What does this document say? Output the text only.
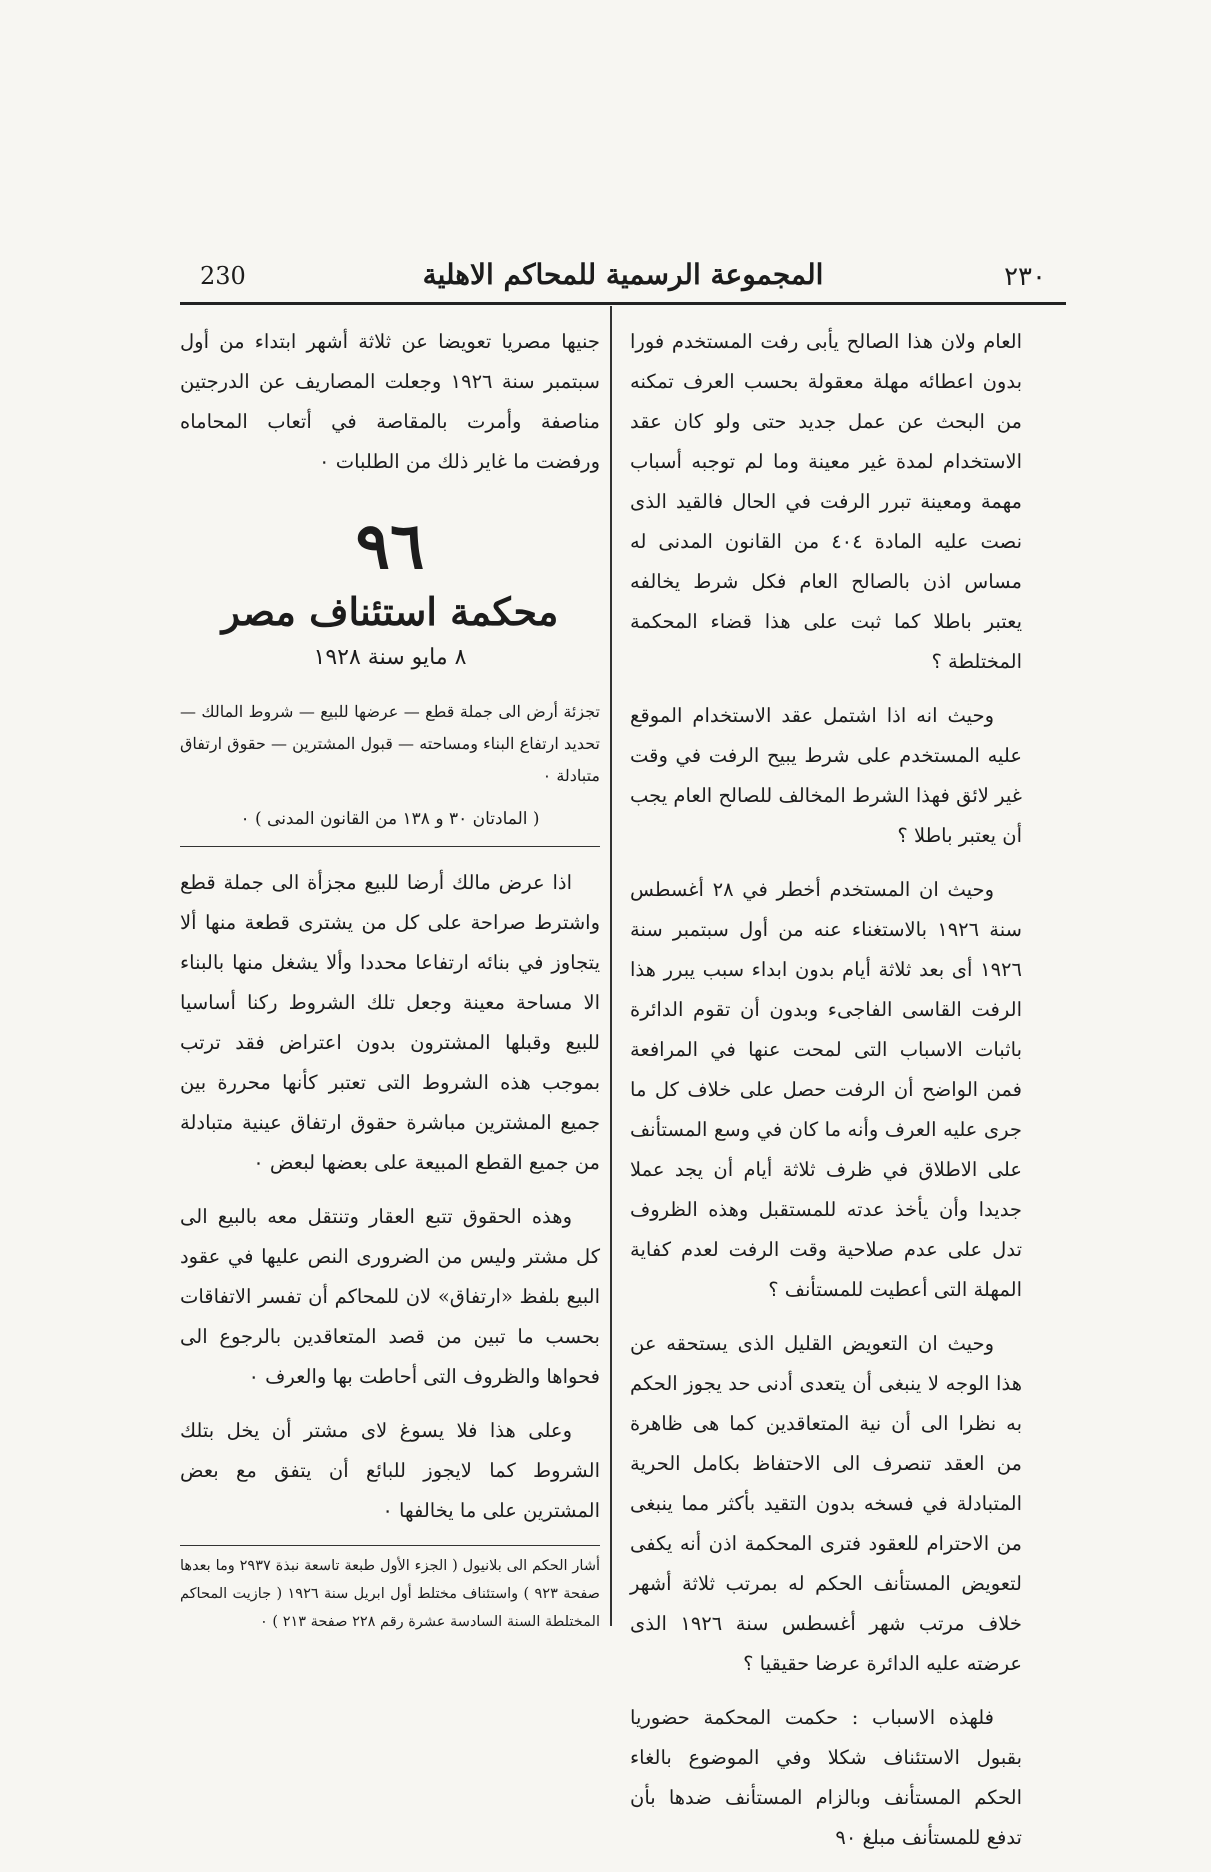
230	المجموعة الرسمية للمحاكم الاهلية	٢٣٠

العام ولان هذا الصالح يأبى رفت المستخدم فورا بدون اعطائه مهلة معقولة بحسب العرف تمكنه من البحث عن عمل جديد حتى ولو كان عقد الاستخدام لمدة غير معينة وما لم توجبه أسباب مهمة ومعينة تبرر الرفت في الحال فالقيد الذى نصت عليه المادة ٤٠٤ من القانون المدنى له مساس اذن بالصالح العام فكل شرط يخالفه يعتبر باطلا كما ثبت على هذا قضاء المحكمة المختلطة ؟

وحيث انه اذا اشتمل عقد الاستخدام الموقع عليه المستخدم على شرط يبيح الرفت في وقت غير لائق فهذا الشرط المخالف للصالح العام يجب أن يعتبر باطلا ؟

وحيث ان المستخدم أخطر في ٢٨ أغسطس سنة ١٩٢٦ بالاستغناء عنه من أول سبتمبر سنة ١٩٢٦ أى بعد ثلاثة أيام بدون ابداء سبب يبرر هذا الرفت القاسى الفاجىء وبدون أن تقوم الدائرة باثبات الاسباب التى لمحت عنها في المرافعة فمن الواضح أن الرفت حصل على خلاف كل ما جرى عليه العرف وأنه ما كان في وسع المستأنف على الاطلاق في ظرف ثلاثة أيام أن يجد عملا جديدا وأن يأخذ عدته للمستقبل وهذه الظروف تدل على عدم صلاحية وقت الرفت لعدم كفاية المهلة التى أعطيت للمستأنف ؟

وحيث ان التعويض القليل الذى يستحقه عن هذا الوجه لا ينبغى أن يتعدى أدنى حد يجوز الحكم به نظرا الى أن نية المتعاقدين كما هى ظاهرة من العقد تنصرف الى الاحتفاظ بكامل الحرية المتبادلة في فسخه بدون التقيد بأكثر مما ينبغى من الاحترام للعقود فترى المحكمة اذن أنه يكفى لتعويض المستأنف الحكم له بمرتب ثلاثة أشهر خلاف مرتب شهر أغسطس سنة ١٩٢٦ الذى عرضته عليه الدائرة عرضا حقيقيا ؟

فلهذه الاسباب : حكمت المحكمة حضوريا بقبول الاستئناف شكلا وفي الموضوع بالغاء الحكم المستأنف وبالزام المستأنف ضدها بأن تدفع للمستأنف مبلغ ٩٠

جنيها مصريا تعويضا عن ثلاثة أشهر ابتداء من أول سبتمبر سنة ١٩٢٦ وجعلت المصاريف عن الدرجتين مناصفة وأمرت بالمقاصة في أتعاب المحاماه ورفضت ما غاير ذلك من الطلبات ٠

٩٦
محكمة استئناف مصر
٨ مايو سنة ١٩٢٨
تجزئة أرض الى جملة قطع — عرضها للبيع — شروط المالك — تحديد ارتفاع البناء ومساحته — قبول المشترين — حقوق ارتفاق متبادلة ٠
( المادتان ٣٠ و ١٣٨ من القانون المدنى ) ٠

اذا عرض مالك أرضا للبيع مجزأة الى جملة قطع واشترط صراحة على كل من يشترى قطعة منها ألا يتجاوز في بنائه ارتفاعا محددا وألا يشغل منها بالبناء الا مساحة معينة وجعل تلك الشروط ركنا أساسيا للبيع وقبلها المشترون بدون اعتراض فقد ترتب بموجب هذه الشروط التى تعتبر كأنها محررة بين جميع المشترين مباشرة حقوق ارتفاق عينية متبادلة من جميع القطع المبيعة على بعضها لبعض ٠

وهذه الحقوق تتبع العقار وتنتقل معه بالبيع الى كل مشتر وليس من الضرورى النص عليها في عقود البيع بلفظ «ارتفاق» لان للمحاكم أن تفسر الاتفاقات بحسب ما تبين من قصد المتعاقدين بالرجوع الى فحواها والظروف التى أحاطت بها والعرف ٠

وعلى هذا فلا يسوغ لاى مشتر أن يخل بتلك الشروط كما لايجوز للبائع أن يتفق مع بعض المشترين على ما يخالفها ٠

أشار الحكم الى بلانيول ( الجزء الأول طبعة تاسعة نبذة ٢٩٣٧ وما بعدها صفحة ٩٢٣ ) واستئناف مختلط أول ابريل سنة ١٩٢٦ ( جازيت المحاكم المختلطة السنة السادسة عشرة رقم ٢٢٨ صفحة ٢١٣ ) ٠
